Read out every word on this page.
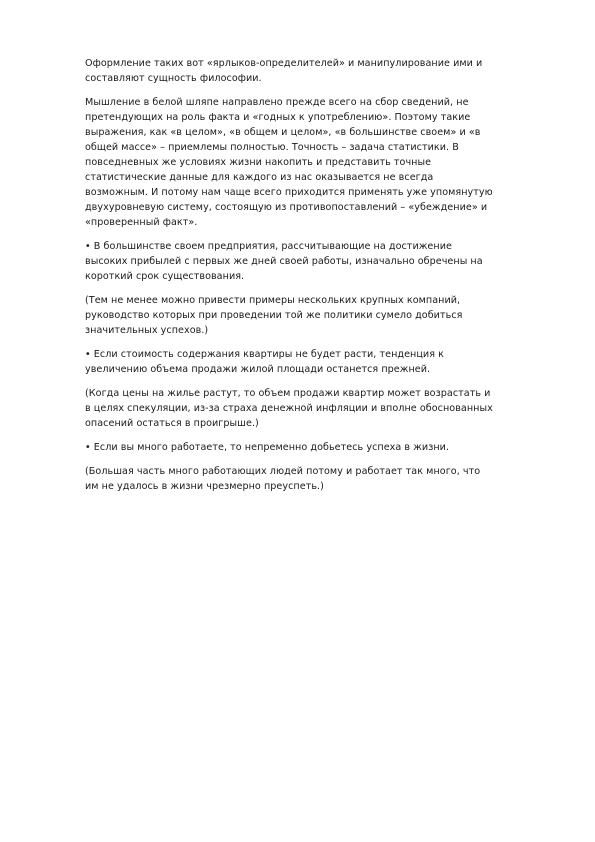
Оформление таких вот «ярлыков-определителей» и манипулирование ими и
составляют сущность философии.

Мышление в белой шляпе направлено прежде всего на сбор сведений, не
претендующих на роль факта и «годных к употреблению». Поэтому такие
выражения, как «в целом», «в общем и целом», «в большинстве своем» и «в
общей массе» – приемлемы полностью. Точность – задача статистики. В
повседневных же условиях жизни накопить и представить точные
статистические данные для каждого из нас оказывается не всегда
возможным. И потому нам чаще всего приходится применять уже упомянутую
двухуровневую систему, состоящую из противопоставлений – «убеждение» и
«проверенный факт».

• В большинстве своем предприятия, рассчитывающие на достижение
высоких прибылей с первых же дней своей работы, изначально обречены на
короткий срок существования.

(Тем не менее можно привести примеры нескольких крупных компаний,
руководство которых при проведении той же политики сумело добиться
значительных успехов.)

• Если стоимость содержания квартиры не будет расти, тенденция к
увеличению объема продажи жилой площади останется прежней.

(Когда цены на жилье растут, то объем продажи квартир может возрастать и
в целях спекуляции, из-за страха денежной инфляции и вполне обоснованных
опасений остаться в проигрыше.)

• Если вы много работаете, то непременно добьетесь успеха в жизни.

(Большая часть много работающих людей потому и работает так много, что
им не удалось в жизни чрезмерно преуспеть.)
